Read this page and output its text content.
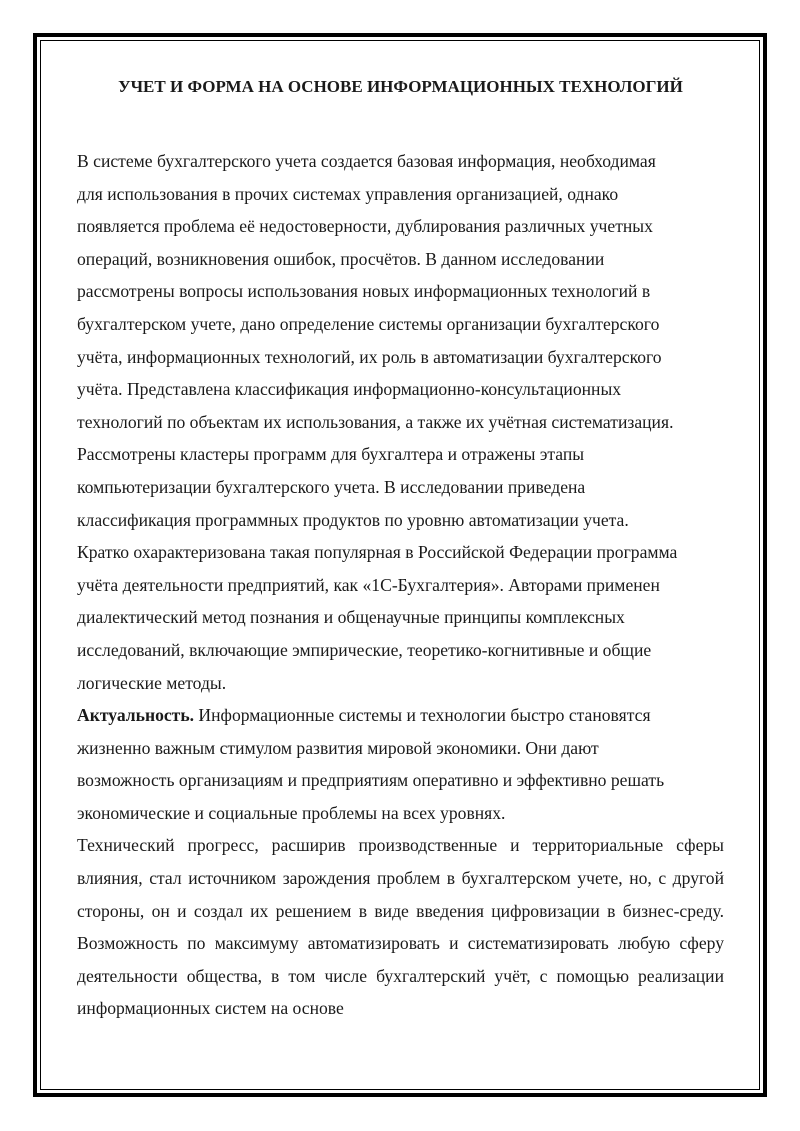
УЧЕТ И ФОРМА НА ОСНОВЕ ИНФОРМАЦИОННЫХ ТЕХНОЛОГИЙ

В системе бухгалтерского учета создается базовая информация, необходимая
для использования в прочих системах управления организацией, однако
появляется проблема её недостоверности, дублирования различных учетных
операций, возникновения ошибок, просчётов. В данном исследовании
рассмотрены вопросы использования новых информационных технологий в
бухгалтерском учете, дано определение системы организации бухгалтерского
учёта, информационных технологий, их роль в автоматизации бухгалтерского
учёта. Представлена классификация информационно-консультационных
технологий по объектам их использования, а также их учётная систематизация.
Рассмотрены кластеры программ для бухгалтера и отражены этапы
компьютеризации бухгалтерского учета. В исследовании приведена
классификация программных продуктов по уровню автоматизации учета.
Кратко охарактеризована такая популярная в Российской Федерации программа
учёта деятельности предприятий, как «1С-Бухгалтерия». Авторами применен
диалектический метод познания и общенаучные принципы комплексных
исследований, включающие эмпирические, теоретико-когнитивные и общие
логические методы.

Актуальность. Информационные системы и технологии быстро становятся
жизненно важным стимулом развития мировой экономики. Они дают
возможность организациям и предприятиям оперативно и эффективно решать
экономические и социальные проблемы на всех уровнях.

Технический прогресс, расширив производственные и территориальные сферы влияния, стал источником зарождения проблем в бухгалтерском учете, но, с другой стороны, он и создал их решением в виде введения цифровизации в бизнес-среду. Возможность по максимуму автоматизировать и систематизировать любую сферу деятельности общества, в том числе бухгалтерский учёт, с помощью реализации информационных систем на основе
